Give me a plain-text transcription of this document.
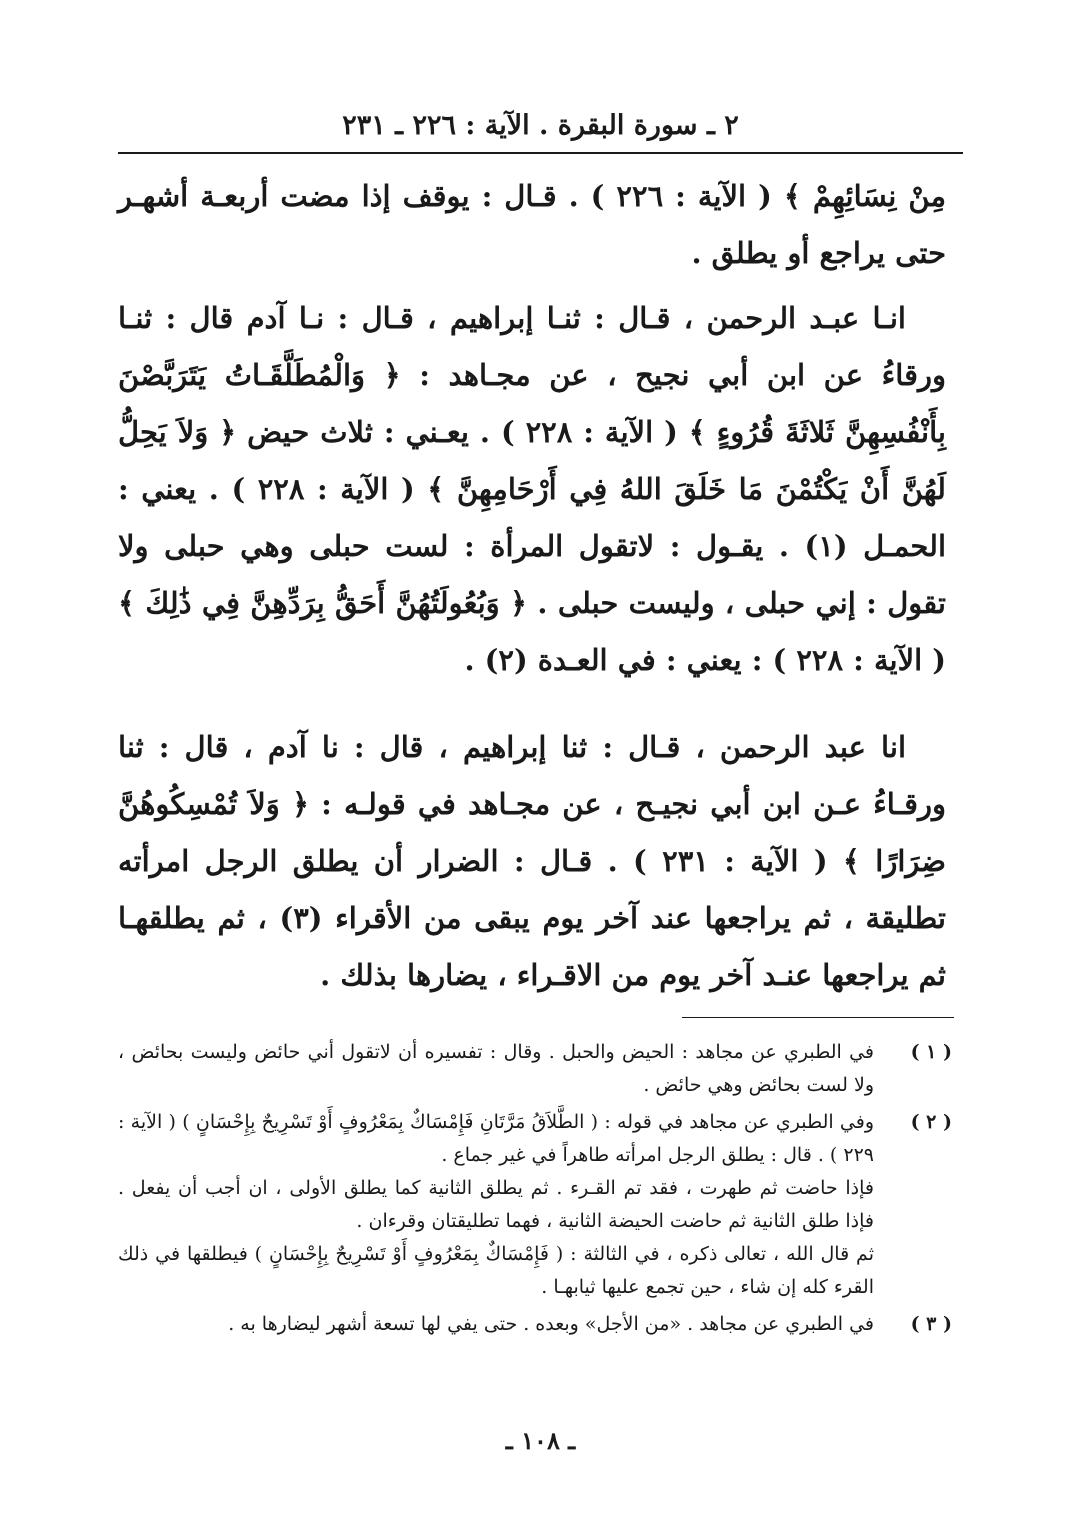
٢ ـ سورة البقرة . الآية : ٢٢٦ ـ ٢٣١

مِنْ نِسَائِهِمْ ﴾ ( الآية : ٢٢٦ ) . قـال : يوقف إذا مضت أربعـة أشهـر حتى يراجع أو يطلق .

انـا عبـد الرحمن ، قـال : ثنـا إبراهيم ، قـال : نـا آدم قال : ثنـا ورقاءُ عن ابن أبي نجيح ، عن مجـاهد : ﴿ وَالْمُطَلَّقَـاتُ يَتَرَبَّصْنَ بِأَنْفُسِهِنَّ ثَلاثَةَ قُرُوءٍ ﴾ ( الآية : ٢٢٨ ) . يعـني : ثلاث حيض ﴿ وَلاَ يَحِلُّ لَهُنَّ أَنْ يَكْتُمْنَ مَا خَلَقَ اللهُ فِي أَرْحَامِهِنَّ ﴾ ( الآية : ٢٢٨ ) . يعني : الحمـل (١) . يقـول : لاتقول المرأة : لست حبلى وهي حبلى ولا تقول : إني حبلى ، وليست حبلى . ﴿ وَبُعُولَتُهُنَّ أَحَقُّ بِرَدِّهِنَّ فِي ذَٰلِكَ ﴾ ( الآية : ٢٢٨ ) : يعني : في العـدة (٢) .

انا عبد الرحمن ، قـال : ثنا إبراهيم ، قال : نا آدم ، قال : ثنا ورقـاءُ عـن ابن أبي نجيـح ، عن مجـاهد في قولـه : ﴿ وَلاَ تُمْسِكُوهُنَّ ضِرَارًا ﴾ ( الآية : ٢٣١ ) . قـال : الضرار أن يطلق الرجل امرأته تطليقة ، ثم يراجعها عند آخر يوم يبقى من الأقراء (٣) ، ثم يطلقهـا ثم يراجعها عنـد آخر يوم من الاقـراء ، يضارها بذلك .

( ١ )

في الطبري عن مجاهد : الحيض والحبل . وقال : تفسيره أن لاتقول أني حائض وليست بحائض ، ولا لست بحائض وهي حائض .

( ٢ )

وفي الطبري عن مجاهد في قوله : ( الطَّلاَقُ مَرَّتَانِ فَإِمْسَاكٌ بِمَعْرُوفٍ أَوْ تَسْرِيحٌ بِإِحْسَانٍ ) ( الآية : ٢٢٩ ) . قال : يطلق الرجل امرأته طاهراً في غير جماع .

فإذا حاضت ثم طهرت ، فقد تم القـرء . ثم يطلق الثانية كما يطلق الأولى ، ان أجب أن يفعل . فإذا طلق الثانية ثم حاضت الحيضة الثانية ، فهما تطليقتان وقرءان .

ثم قال الله ، تعالى ذكره ، في الثالثة : ( فَإِمْسَاكٌ بِمَعْرُوفٍ أَوْ تَسْرِيحٌ بِإِحْسَانٍ ) فيطلقها في ذلك القرء كله إن شاء ، حين تجمع عليها ثيابهـا .

( ٣ )

في الطبري عن مجاهد . «من الأجل» وبعده . حتى يفي لها تسعة أشهر ليضارها به .

ـ ١٠٨ ـ
